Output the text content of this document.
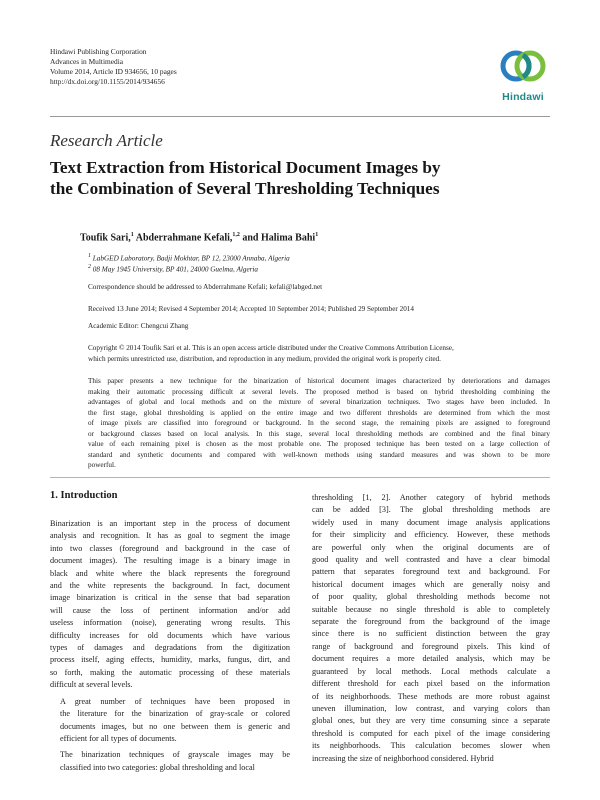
Hindawi Publishing Corporation
Advances in Multimedia
Volume 2014, Article ID 934656, 10 pages
http://dx.doi.org/10.1155/2014/934656
Hindawi
Research Article
Text Extraction from Historical Document Images by
the Combination of Several Thresholding Techniques
Toufik Sari,$^1$ Abderrahmane Kefali,$^{1,2}$ and Halima Bahi$^1$
$^1$ LabGED Laboratory, Badji Mokhtar, BP 12, 23000 Annaba, Algeria
$^2$ 08 May 1945 University, BP 401, 24000 Guelma, Algeria
Correspondence should be addressed to Abderrahmane Kefali; kefali@labged.net
Received 13 June 2014; Revised 4 September 2014; Accepted 10 September 2014; Published 29 September 2014
Academic Editor: Chengcui Zhang
Copyright © 2014 Toufik Sari et al. This is an open access article distributed under the Creative Commons Attribution License,
which permits unrestricted use, distribution, and reproduction in any medium, provided the original work is properly cited.
This paper presents a new technique for the binarization of historical document images characterized by deteriorations and damages
making their automatic processing difficult at several levels. The proposed method is based on hybrid thresholding combining the
advantages of global and local methods and on the mixture of several binarization techniques. Two stages have been included. In
the first stage, global thresholding is applied on the entire image and two different thresholds are determined from which the most
of image pixels are classified into foreground or background. In the second stage, the remaining pixels are assigned to foreground
or background classes based on local analysis. In this stage, several local thresholding methods are combined and the final binary
value of each remaining pixel is chosen as the most probable one. The proposed technique has been tested on a large collection of
standard and synthetic documents and compared with well-known methods using standard measures and was shown to be more
powerful.
1. Introduction

Binarization is an important step in the process of document
analysis and recognition. It has as goal to segment the image
into two classes (foreground and background in the case of
document images). The resulting image is a binary image in
black and white where the black represents the foreground
and the white represents the background. In fact, document
image binarization is critical in the sense that bad separation
will cause the loss of pertinent information and/or add
useless information (noise), generating wrong results. This
difficulty increases for old documents which have various
types of damages and degradations from the digitization
process itself, aging effects, humidity, marks, fungus, dirt, and
so forth, making the automatic processing of these materials
difficult at several levels.

A great number of techniques have been proposed in
the literature for the binarization of gray-scale or colored
documents images, but no one between them is generic and
efficient for all types of documents.

The binarization techniques of grayscale images may be
classified into two categories: global thresholding and local

thresholding [1, 2]. Another category of hybrid methods
can be added [3]. The global thresholding methods are
widely used in many document image analysis applications
for their simplicity and efficiency. However, these methods
are powerful only when the original documents are of
good quality and well contrasted and have a clear bimodal
pattern that separates foreground text and background. For
historical document images which are generally noisy and
of poor quality, global thresholding methods become not
suitable because no single threshold is able to completely
separate the foreground from the background of the image
since there is no sufficient distinction between the gray
range of background and foreground pixels. This kind of
document requires a more detailed analysis, which may be
guaranteed by local methods. Local methods calculate a
different threshold for each pixel based on the information
of its neighborhoods. These methods are more robust against
uneven illumination, low contrast, and varying colors than
global ones, but they are very time consuming since a separate
threshold is computed for each pixel of the image considering
its neighborhoods. This calculation becomes slower when
increasing the size of neighborhood considered. Hybrid
